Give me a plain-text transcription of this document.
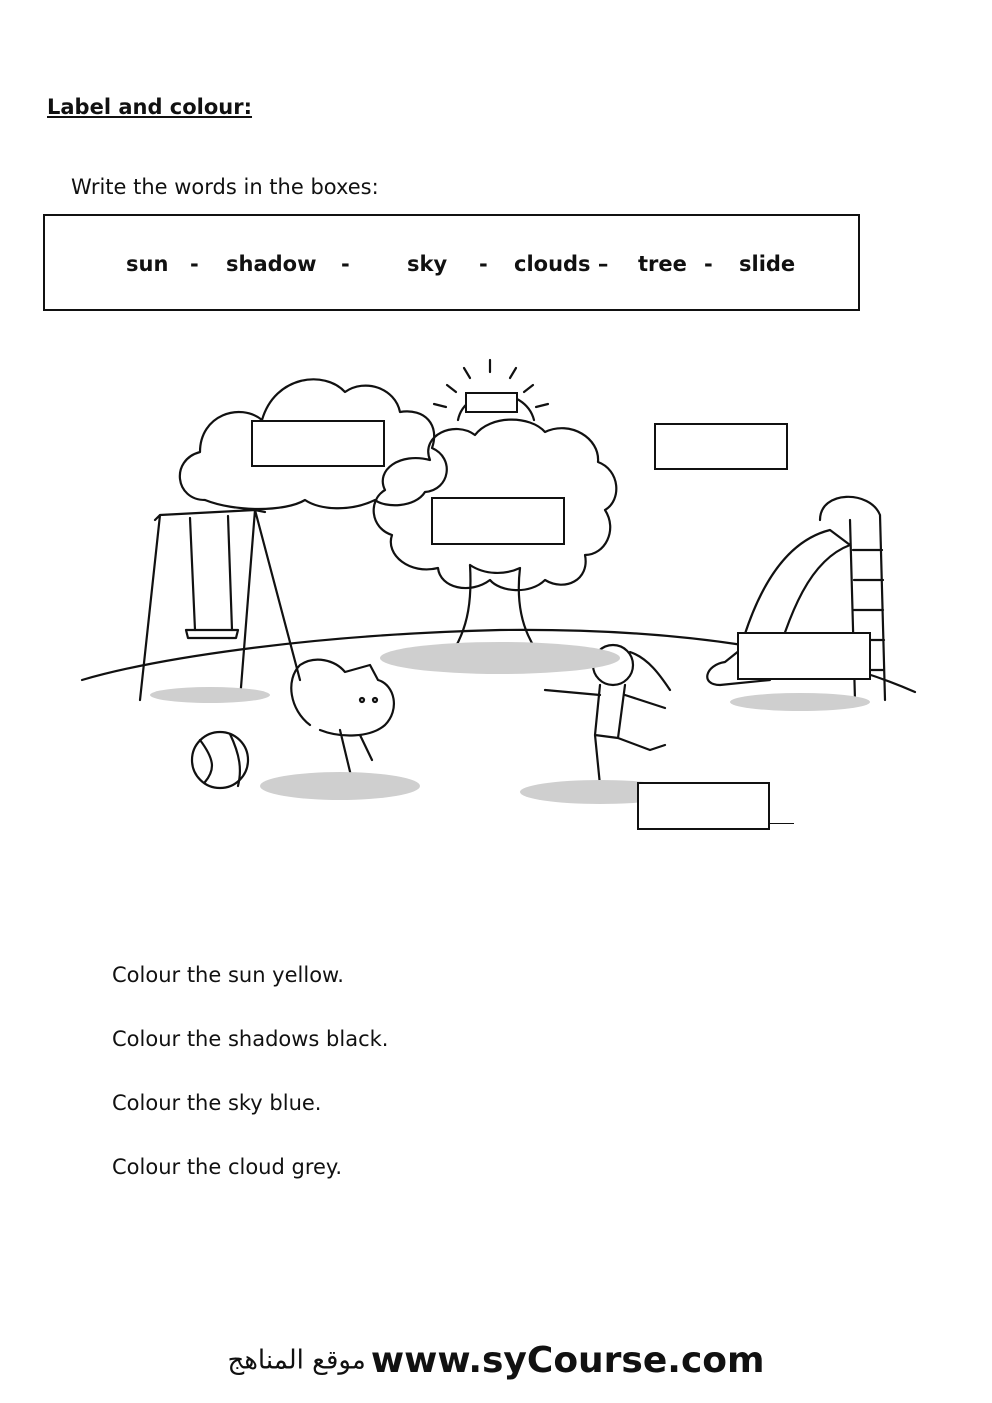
Label and colour:
Write the words in the boxes:
sun - shadow -	sky - clouds – tree - slide
Colour the sun yellow.
Colour the shadows black.
Colour the sky blue.
Colour the cloud grey.
موقع المناهج www.syCourse.com
